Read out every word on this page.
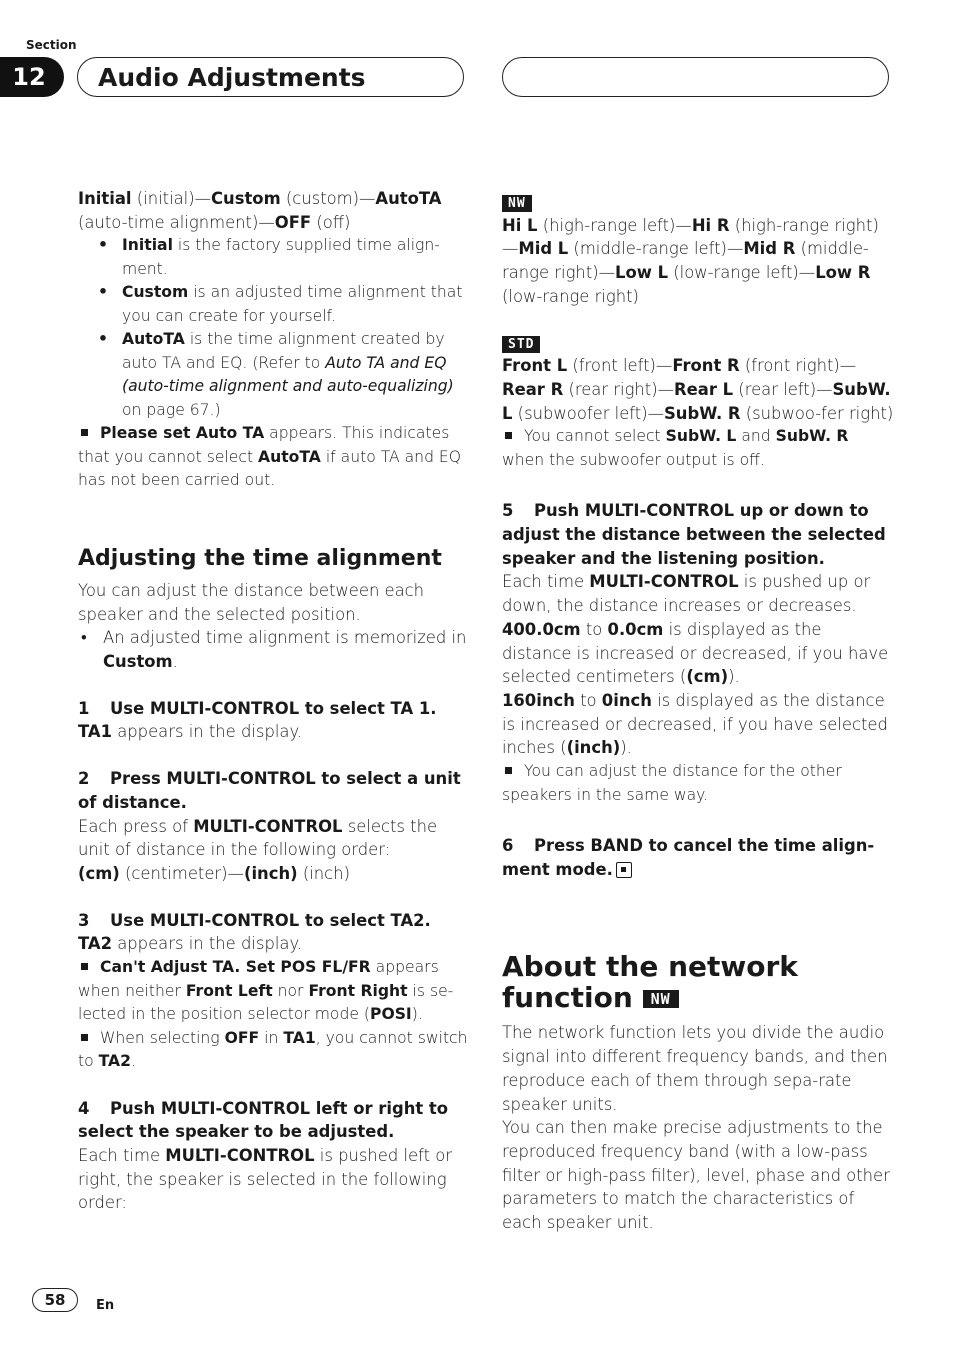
Section
12	Audio Adjustments

Initial (initial)—Custom (custom)—AutoTA (auto-time alignment)—OFF (off)

• Initial is the factory supplied time align-ment.

• Custom is an adjusted time alignment that you can create for yourself.

• AutoTA is the time alignment created by auto TA and EQ. (Refer to Auto TA and EQ (auto-time alignment and auto-equalizing) on page 67.)

Please set Auto TA appears. This indicates that you cannot select AutoTA if auto TA and EQ has not been carried out.

Adjusting the time alignment

You can adjust the distance between each speaker and the selected position.

• An adjusted time alignment is memorized in Custom.

1 Use MULTI-CONTROL to select TA 1.

TA1 appears in the display.

2 Press MULTI-CONTROL to select a unit of distance.

Each press of MULTI-CONTROL selects the unit of distance in the following order:
(cm) (centimeter)—(inch) (inch)

3 Use MULTI-CONTROL to select TA2.

TA2 appears in the display.

Can't Adjust TA. Set POS FL/FR appears when neither Front Left nor Front Right is se-lected in the position selector mode (POSI).

When selecting OFF in TA1, you cannot switch to TA2.

4 Push MULTI-CONTROL left or right to select the speaker to be adjusted.

Each time MULTI-CONTROL is pushed left or right, the speaker is selected in the following order:

NW

Hi L (high-range left)—Hi R (high-range right)—Mid L (middle-range left)—Mid R (middle-range right)—Low L (low-range left)—Low R (low-range right)

STD

Front L (front left)—Front R (front right)—Rear R (rear right)—Rear L (rear left)—SubW. L (subwoofer left)—SubW. R (subwoo-fer right)

You cannot select SubW. L and SubW. R when the subwoofer output is off.

5 Push MULTI-CONTROL up or down to adjust the distance between the selected speaker and the listening position.

Each time MULTI-CONTROL is pushed up or down, the distance increases or decreases.

400.0cm to 0.0cm is displayed as the distance is increased or decreased, if you have selected centimeters ((cm)).

160inch to 0inch is displayed as the distance is increased or decreased, if you have selected inches ((inch)).

You can adjust the distance for the other speakers in the same way.

6 Press BAND to cancel the time align-ment mode.

About the network
function NW

The network function lets you divide the audio signal into different frequency bands, and then reproduce each of them through sepa-rate speaker units.

You can then make precise adjustments to the reproduced frequency band (with a low-pass filter or high-pass filter), level, phase and other parameters to match the characteristics of each speaker unit.

58	En
